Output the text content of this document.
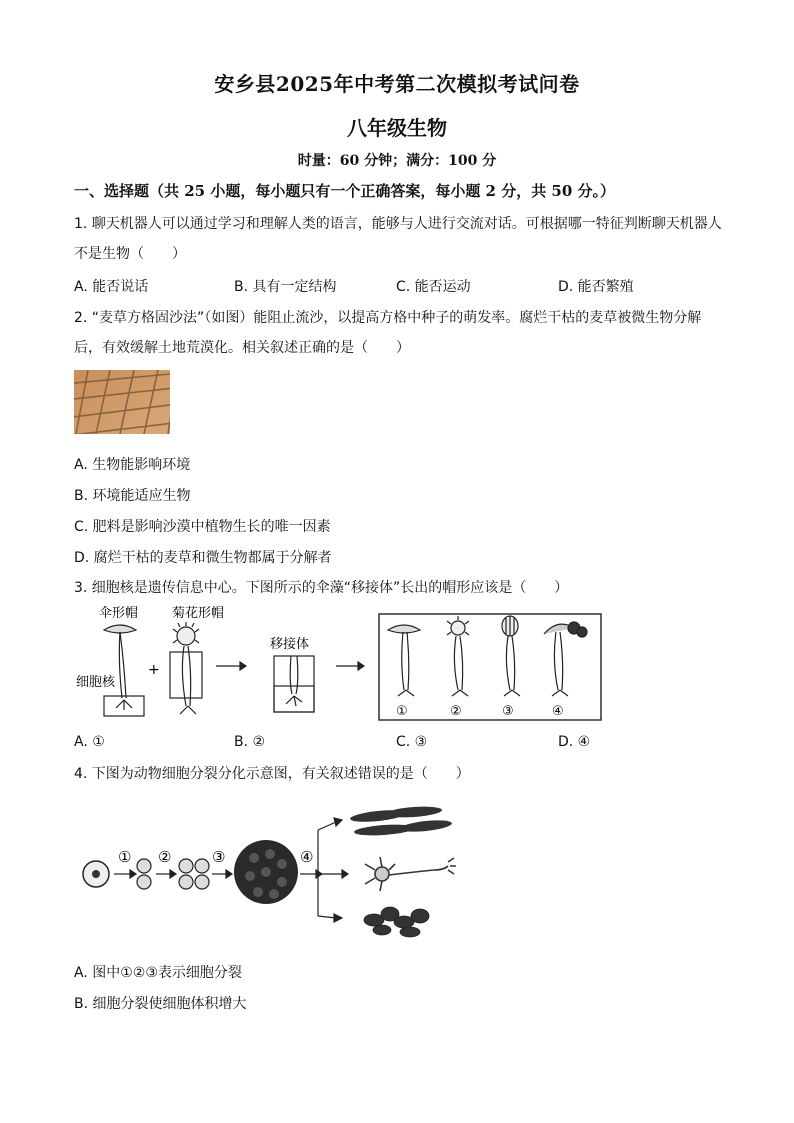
安乡县2025年中考第二次模拟考试问卷
八年级生物
时量：60 分钟；满分：100 分
一、选择题（共 25 小题，每小题只有一个正确答案，每小题 2 分，共 50 分。）
1. 聊天机器人可以通过学习和理解人类的语言，能够与人进行交流对话。可根据哪一特征判断聊天机器人
不是生物（　　）
A. 能否说话	B. 具有一定结构	C. 能否运动	D. 能否繁殖
2. “麦草方格固沙法”（如图）能阻止流沙，以提高方格中种子的萌发率。腐烂干枯的麦草被微生物分解
后，有效缓解土地荒漠化。相关叙述正确的是（　　）
A. 生物能影响环境
B. 环境能适应生物
C. 肥料是影响沙漠中植物生长的唯一因素
D. 腐烂干枯的麦草和微生物都属于分解者
3. 细胞核是遗传信息中心。下图所示的伞藻“移接体”长出的帽形应该是（　　）
伞形帽	菊花形帽
细胞核
+
移接体
①	②	③	④
A. ①	B. ②	C. ③	D. ④
4. 下图为动物细胞分裂分化示意图，有关叙述错误的是（　　）
① ②	③	④
A. 图中①②③表示细胞分裂
B. 细胞分裂使细胞体积增大
